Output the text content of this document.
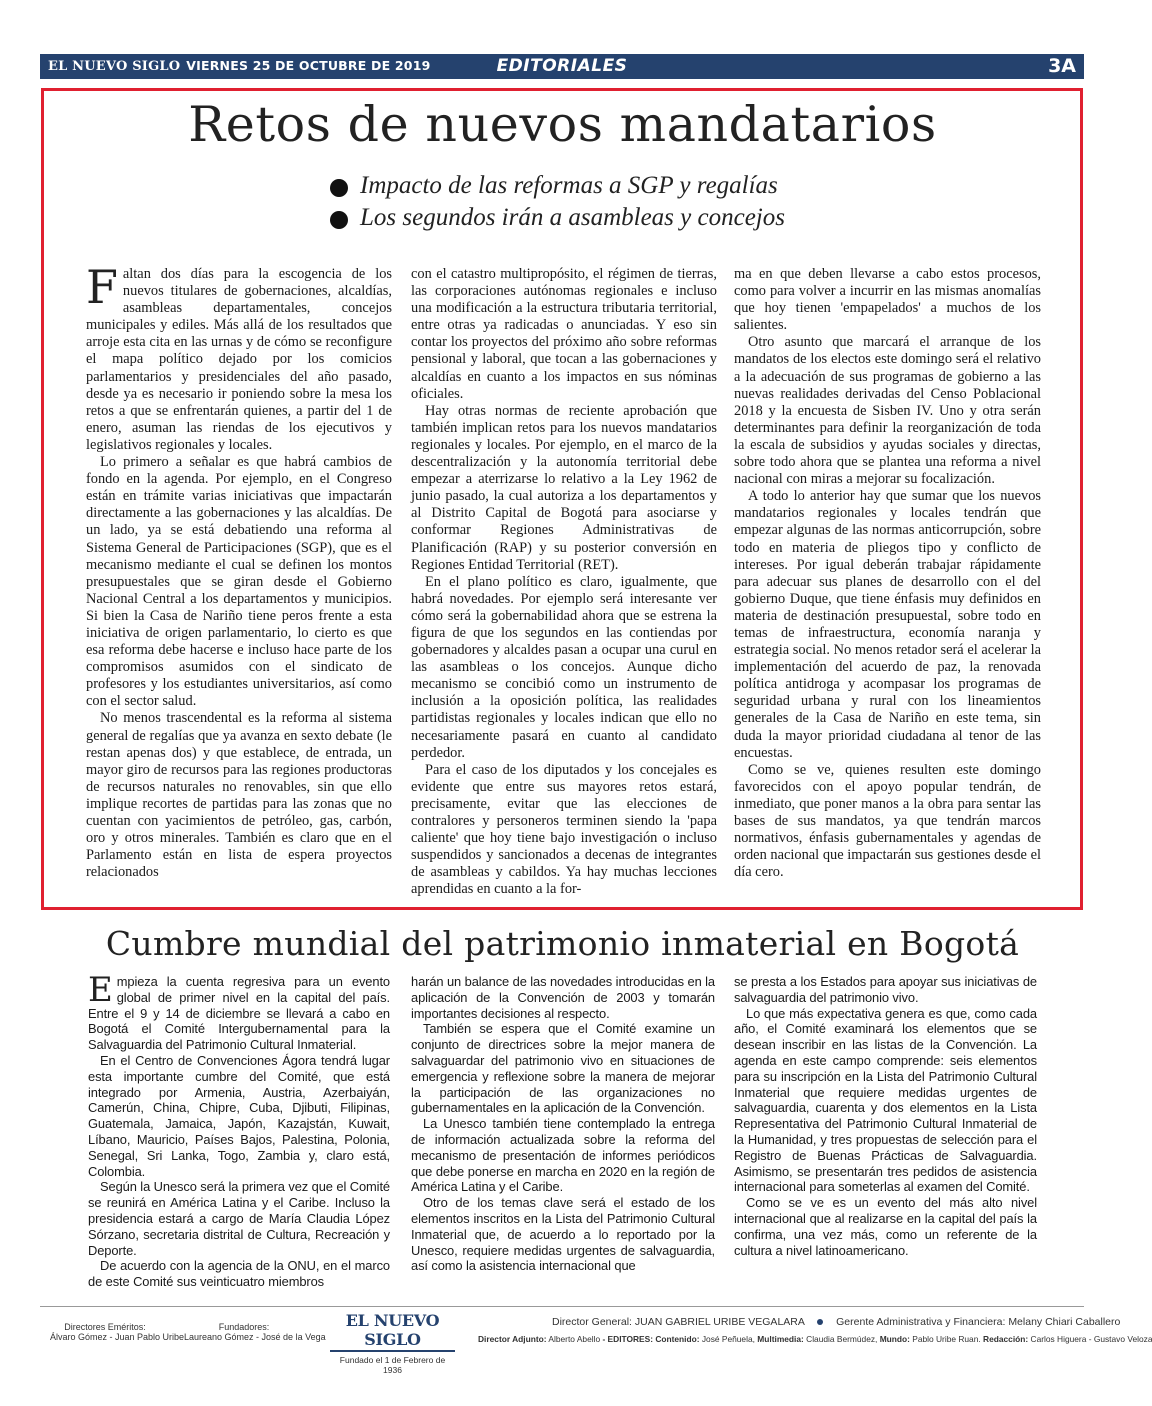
EL NUEVO SIGLO VIERNES 25 DE OCTUBRE DE 2019	EDITORIALES	3A
Retos de nuevos mandatarios
Impacto de las reformas a SGP y regalías
Los segundos irán a asambleas y concejos
F altan dos días para la escogencia de los nuevos titulares de gobernaciones, alcaldías, asambleas departamentales, concejos municipales y ediles. Más allá de los resultados que arroje esta cita en las urnas y de cómo se reconfigure el mapa político dejado por los comicios parlamentarios y presidenciales del año pasado, desde ya es necesario ir poniendo sobre la mesa los retos a que se enfrentarán quienes, a partir del 1 de enero, asuman las riendas de los ejecutivos y legislativos regionales y locales.

Lo primero a señalar es que habrá cambios de fondo en la agenda. Por ejemplo, en el Congreso están en trámite varias iniciativas que impactarán directamente a las gobernaciones y las alcaldías. De un lado, ya se está debatiendo una reforma al Sistema General de Participaciones (SGP), que es el mecanismo mediante el cual se definen los montos presupuestales que se giran desde el Gobierno Nacional Central a los departamentos y municipios. Si bien la Casa de Nariño tiene peros frente a esta iniciativa de origen parlamentario, lo cierto es que esa reforma debe hacerse e incluso hace parte de los compromisos asumidos con el sindicato de profesores y los estudiantes universitarios, así como con el sector salud.

No menos trascendental es la reforma al sistema general de regalías que ya avanza en sexto debate (le restan apenas dos) y que establece, de entrada, un mayor giro de recursos para las regiones productoras de recursos naturales no renovables, sin que ello implique recortes de partidas para las zonas que no cuentan con yacimientos de petróleo, gas, carbón, oro y otros minerales. También es claro que en el Parlamento están en lista de espera proyectos relacionados

con el catastro multipropósito, el régimen de tierras, las corporaciones autónomas regionales e incluso una modificación a la estructura tributaria territorial, entre otras ya radicadas o anunciadas. Y eso sin contar los proyectos del próximo año sobre reformas pensional y laboral, que tocan a las gobernaciones y alcaldías en cuanto a los impactos en sus nóminas oficiales.

Hay otras normas de reciente aprobación que también implican retos para los nuevos mandatarios regionales y locales. Por ejemplo, en el marco de la descentralización y la autonomía territorial debe empezar a aterrizarse lo relativo a la Ley 1962 de junio pasado, la cual autoriza a los departamentos y al Distrito Capital de Bogotá para asociarse y conformar Regiones Administrativas de Planificación (RAP) y su posterior conversión en Regiones Entidad Territorial (RET).

En el plano político es claro, igualmente, que habrá novedades. Por ejemplo será interesante ver cómo será la gobernabilidad ahora que se estrena la figura de que los segundos en las contiendas por gobernadores y alcaldes pasan a ocupar una curul en las asambleas o los concejos. Aunque dicho mecanismo se concibió como un instrumento de inclusión a la oposición política, las realidades partidistas regionales y locales indican que ello no necesariamente pasará en cuanto al candidato perdedor.

Para el caso de los diputados y los concejales es evidente que entre sus mayores retos estará, precisamente, evitar que las elecciones de contralores y personeros terminen siendo la 'papa caliente' que hoy tiene bajo investigación o incluso suspendidos y sancionados a decenas de integrantes de asambleas y cabildos. Ya hay muchas lecciones aprendidas en cuanto a la for-

ma en que deben llevarse a cabo estos procesos, como para volver a incurrir en las mismas anomalías que hoy tienen 'empapelados' a muchos de los salientes.

Otro asunto que marcará el arranque de los mandatos de los electos este domingo será el relativo a la adecuación de sus programas de gobierno a las nuevas realidades derivadas del Censo Poblacional 2018 y la encuesta de Sisben IV. Uno y otra serán determinantes para definir la reorganización de toda la escala de subsidios y ayudas sociales y directas, sobre todo ahora que se plantea una reforma a nivel nacional con miras a mejorar su focalización.

A todo lo anterior hay que sumar que los nuevos mandatarios regionales y locales tendrán que empezar algunas de las normas anticorrupción, sobre todo en materia de pliegos tipo y conflicto de intereses. Por igual deberán trabajar rápidamente para adecuar sus planes de desarrollo con el del gobierno Duque, que tiene énfasis muy definidos en materia de destinación presupuestal, sobre todo en temas de infraestructura, economía naranja y estrategia social. No menos retador será el acelerar la implementación del acuerdo de paz, la renovada política antidroga y acompasar los programas de seguridad urbana y rural con los lineamientos generales de la Casa de Nariño en este tema, sin duda la mayor prioridad ciudadana al tenor de las encuestas.

Como se ve, quienes resulten este domingo favorecidos con el apoyo popular tendrán, de inmediato, que poner manos a la obra para sentar las bases de sus mandatos, ya que tendrán marcos normativos, énfasis gubernamentales y agendas de orden nacional que impactarán sus gestiones desde el día cero.

Cumbre mundial del patrimonio inmaterial en Bogotá
E mpieza la cuenta regresiva para un evento global de primer nivel en la capital del país. Entre el 9 y 14 de diciembre se llevará a cabo en Bogotá el Comité Intergubernamental para la Salvaguardia del Patrimonio Cultural Inmaterial.

En el Centro de Convenciones Ágora tendrá lugar esta importante cumbre del Comité, que está integrado por Armenia, Austria, Azerbaiyán, Camerún, China, Chipre, Cuba, Djibuti, Filipinas, Guatemala, Jamaica, Japón, Kazajstán, Kuwait, Líbano, Mauricio, Países Bajos, Palestina, Polonia, Senegal, Sri Lanka, Togo, Zambia y, claro está, Colombia.

Según la Unesco será la primera vez que el Comité se reunirá en América Latina y el Caribe. Incluso la presidencia estará a cargo de María Claudia López Sórzano, secretaria distrital de Cultura, Recreación y Deporte.

De acuerdo con la agencia de la ONU, en el marco de este Comité sus veinticuatro miembros

harán un balance de las novedades introducidas en la aplicación de la Convención de 2003 y tomarán importantes decisiones al respecto.

También se espera que el Comité examine un conjunto de directrices sobre la mejor manera de salvaguardar del patrimonio vivo en situaciones de emergencia y reflexione sobre la manera de mejorar la participación de las organizaciones no gubernamentales en la aplicación de la Convención.

La Unesco también tiene contemplado la entrega de información actualizada sobre la reforma del mecanismo de presentación de informes periódicos que debe ponerse en marcha en 2020 en la región de América Latina y el Caribe.

Otro de los temas clave será el estado de los elementos inscritos en la Lista del Patrimonio Cultural Inmaterial que, de acuerdo a lo reportado por la Unesco, requiere medidas urgentes de salvaguardia, así como la asistencia internacional que

se presta a los Estados para apoyar sus iniciativas de salvaguardia del patrimonio vivo.

Lo que más expectativa genera es que, como cada año, el Comité examinará los elementos que se desean inscribir en las listas de la Convención. La agenda en este campo comprende: seis elementos para su inscripción en la Lista del Patrimonio Cultural Inmaterial que requiere medidas urgentes de salvaguardia, cuarenta y dos elementos en la Lista Representativa del Patrimonio Cultural Inmaterial de la Humanidad, y tres propuestas de selección para el Registro de Buenas Prácticas de Salvaguardia. Asimismo, se presentarán tres pedidos de asistencia internacional para someterlas al examen del Comité.

Como se ve es un evento del más alto nivel internacional que al realizarse en la capital del país la confirma, una vez más, como un referente de la cultura a nivel latinoamericano.

Directores Eméritos:
Álvaro Gómez - Juan Pablo Uribe
Fundadores:
Laureano Gómez - José de la Vega
EL NUEVO SIGLO
Fundado el 1 de Febrero de 1936
Director General: JUAN GABRIEL URIBE VEGALARA	Gerente Administrativa y Financiera: Melany Chiari Caballero
Director Adjunto: Alberto Abello - EDITORES: Contenido: José Peñuela, Multimedia: Claudia Bermúdez, Mundo: Pablo Uribe Ruan. Redacción: Carlos Higuera - Gustavo Veloza
